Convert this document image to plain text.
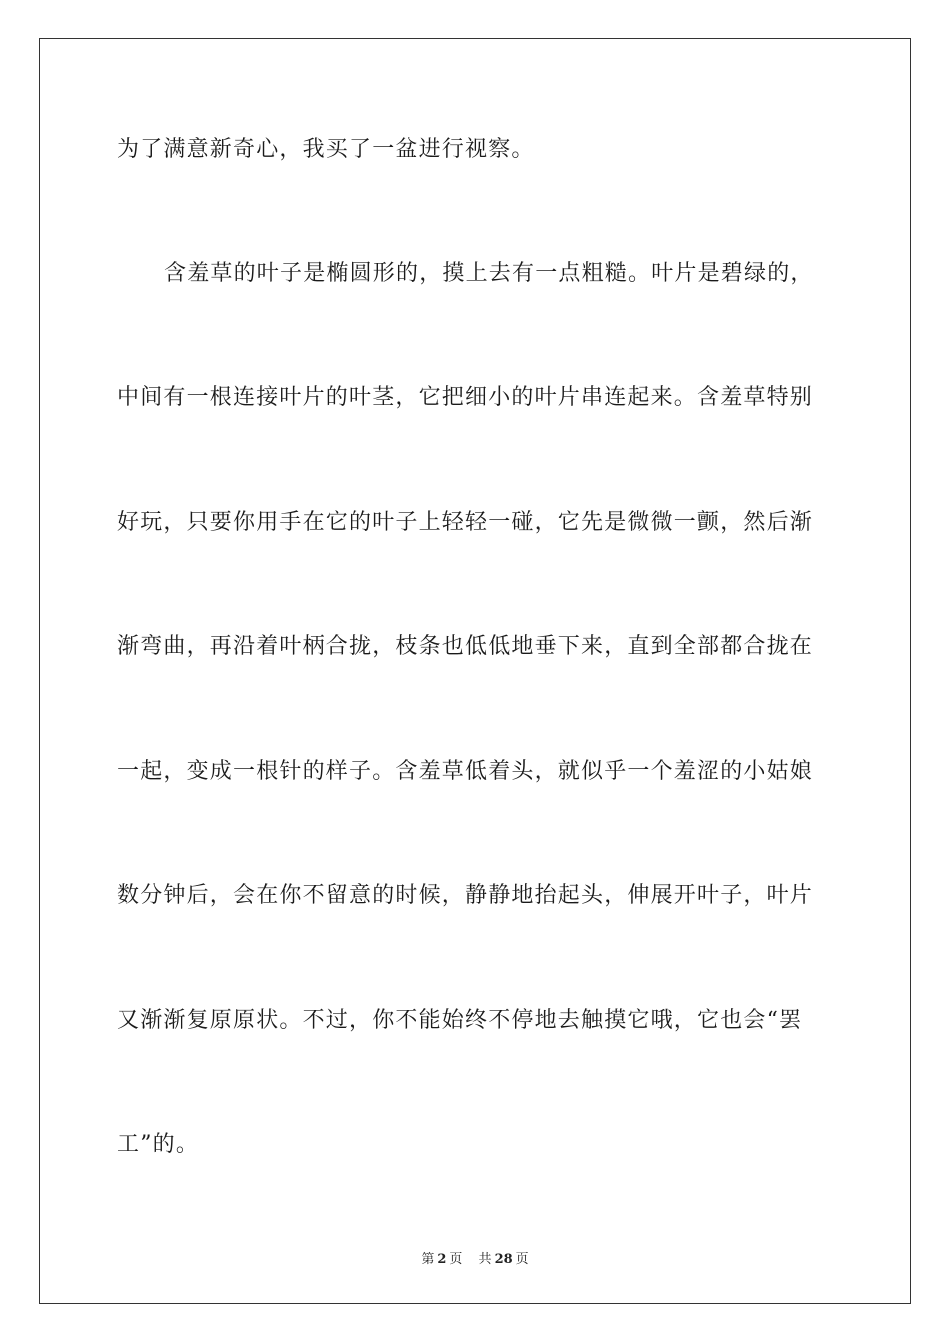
为了满意新奇心，我买了一盆进行视察。
含羞草的叶子是椭圆形的，摸上去有一点粗糙。叶片是碧绿的，
中间有一根连接叶片的叶茎，它把细小的叶片串连起来。含羞草特别
好玩，只要你用手在它的叶子上轻轻一碰，它先是微微一颤，然后渐
渐弯曲，再沿着叶柄合拢，枝条也低低地垂下来，直到全部都合拢在
一起，变成一根针的样子。含羞草低着头，就似乎一个羞涩的小姑娘
数分钟后，会在你不留意的时候，静静地抬起头，伸展开叶子，叶片
又渐渐复原原状。不过，你不能始终不停地去触摸它哦，它也会“罢
工”的。
第 2 页 共 28 页
